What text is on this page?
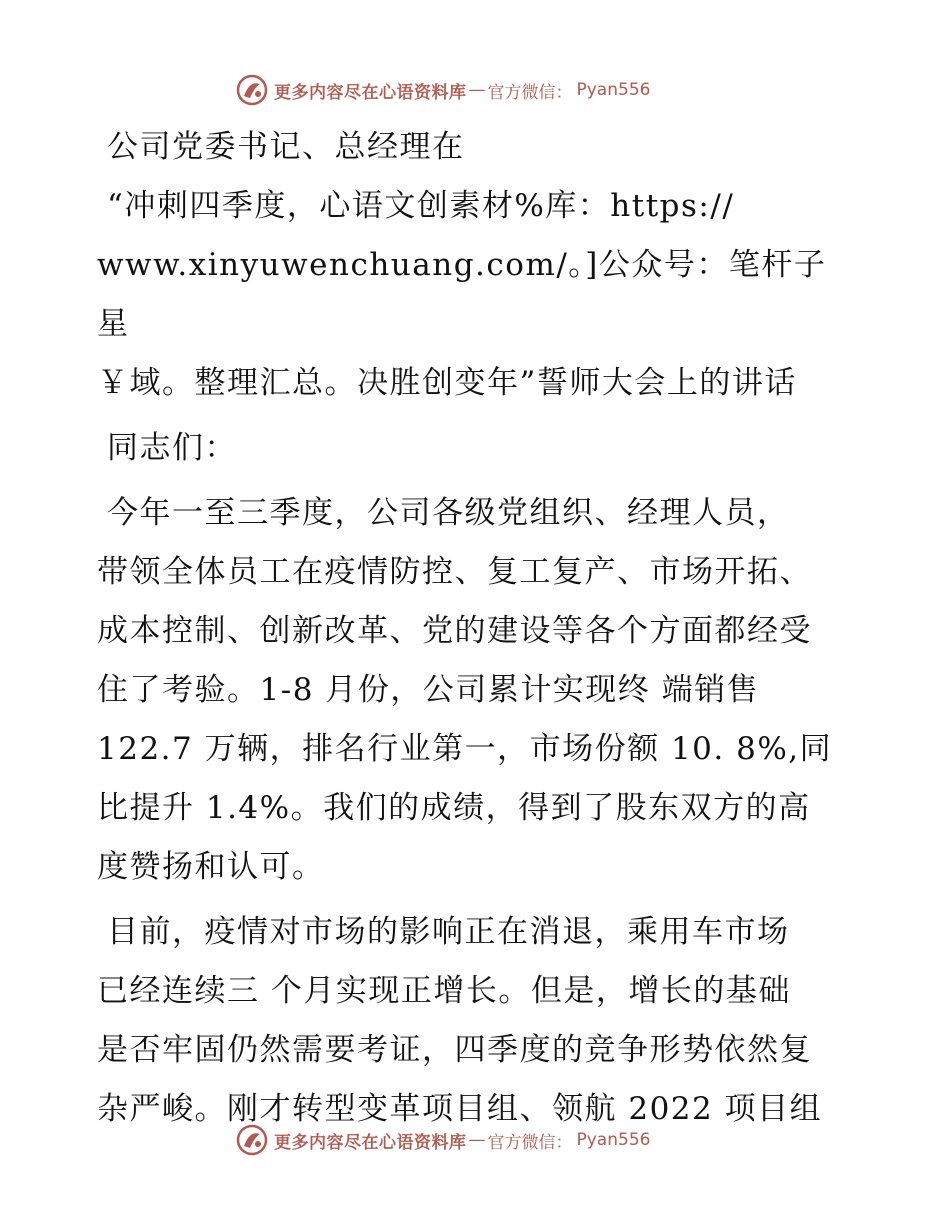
更多内容尽在心语资料库 — 官方微信： Pyan556

公司党委书记、总经理在

“冲刺四季度，心语文创素材%库：https://

www.xinyuwenchuang.com/。]公众号：笔杆子星

￥域。整理汇总。决胜创变年”誓师大会上的讲话

同志们：

今年一至三季度，公司各级党组织、经理人员，

带领全体员工在疫情防控、复工复产、市场开拓、

成本控制、创新改革、党的建设等各个方面都经受

住了考验。1-8 月份，公司累计实现终 端销售

122.7 万辆，排名行业第一，市场份额 10. 8%,同

比提升 1.4%。我们的成绩，得到了股东双方的高

度赞扬和认可。

目前，疫情对市场的影响正在消退，乘用车市场

已经连续三 个月实现正增长。但是，增长的基础

是否牢固仍然需要考证，四季度的竞争形势依然复

杂严峻。刚才转型变革项目组、领航 2022 项目组

更多内容尽在心语资料库 — 官方微信： Pyan556
